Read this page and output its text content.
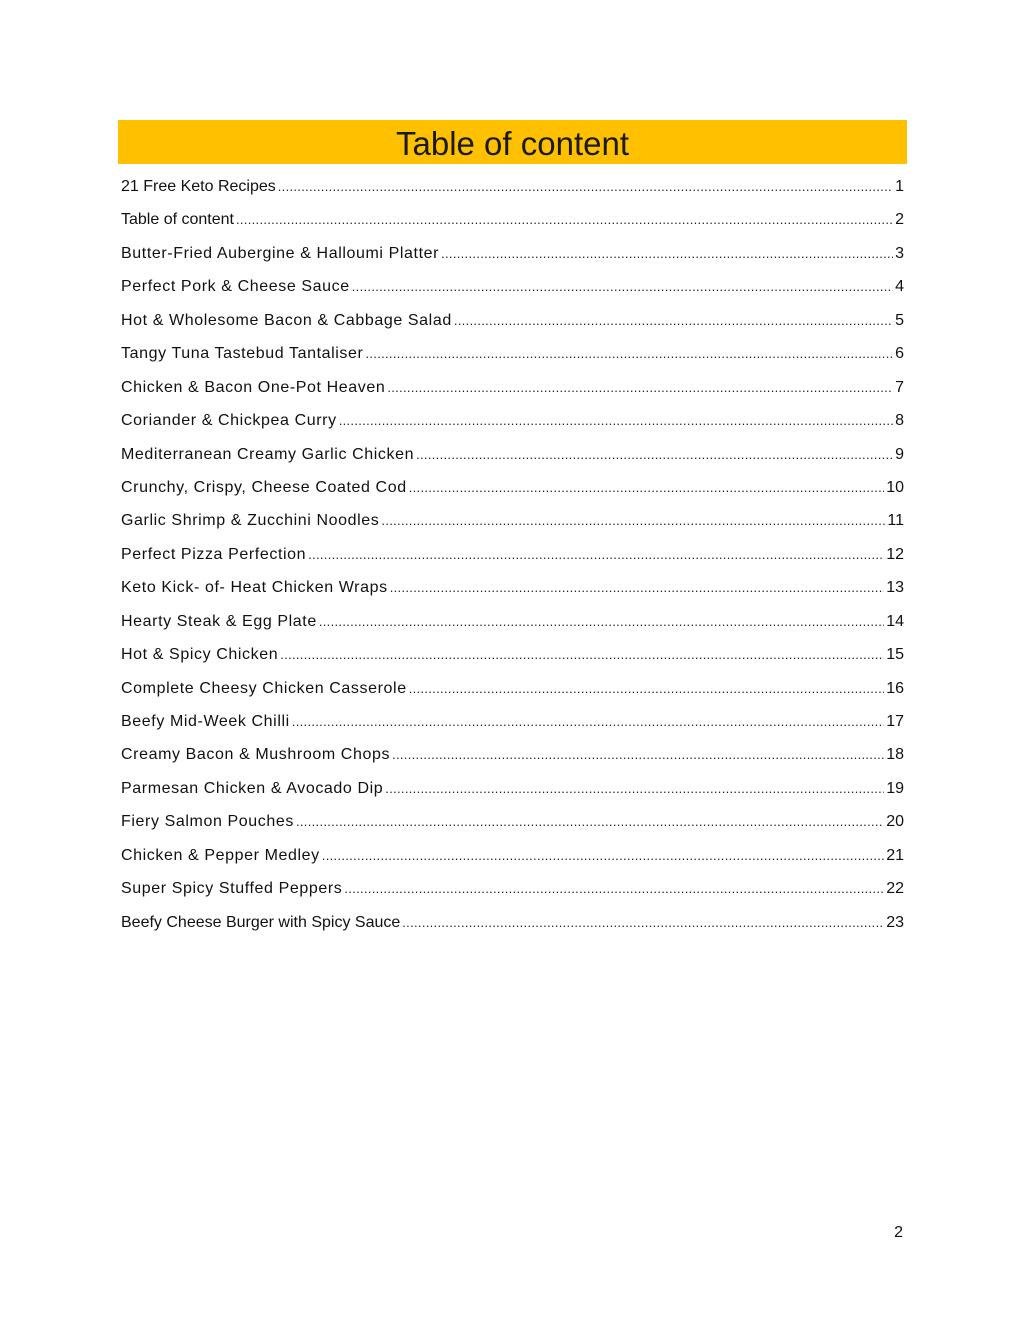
Table of content
21 Free Keto Recipes .....	1
Table of content .....	2
Butter-Fried Aubergine & Halloumi Platter .....	3
Perfect Pork & Cheese Sauce .....	4
Hot & Wholesome Bacon & Cabbage Salad .....	5
Tangy Tuna Tastebud Tantaliser .....	6
Chicken & Bacon One-Pot Heaven .....	7
Coriander & Chickpea Curry .....	8
Mediterranean Creamy Garlic Chicken .....	9
Crunchy, Crispy, Cheese Coated Cod .....	10
Garlic Shrimp & Zucchini Noodles .....	11
Perfect Pizza Perfection .....	12
Keto Kick- of- Heat Chicken Wraps .....	13
Hearty Steak & Egg Plate .....	14
Hot & Spicy Chicken .....	15
Complete Cheesy Chicken Casserole .....	16
Beefy Mid-Week Chilli .....	17
Creamy Bacon & Mushroom Chops .....	18
Parmesan Chicken & Avocado Dip .....	19
Fiery Salmon Pouches .....	20
Chicken & Pepper Medley .....	21
Super Spicy Stuffed Peppers .....	22
Beefy Cheese Burger with Spicy Sauce .....	23
2
